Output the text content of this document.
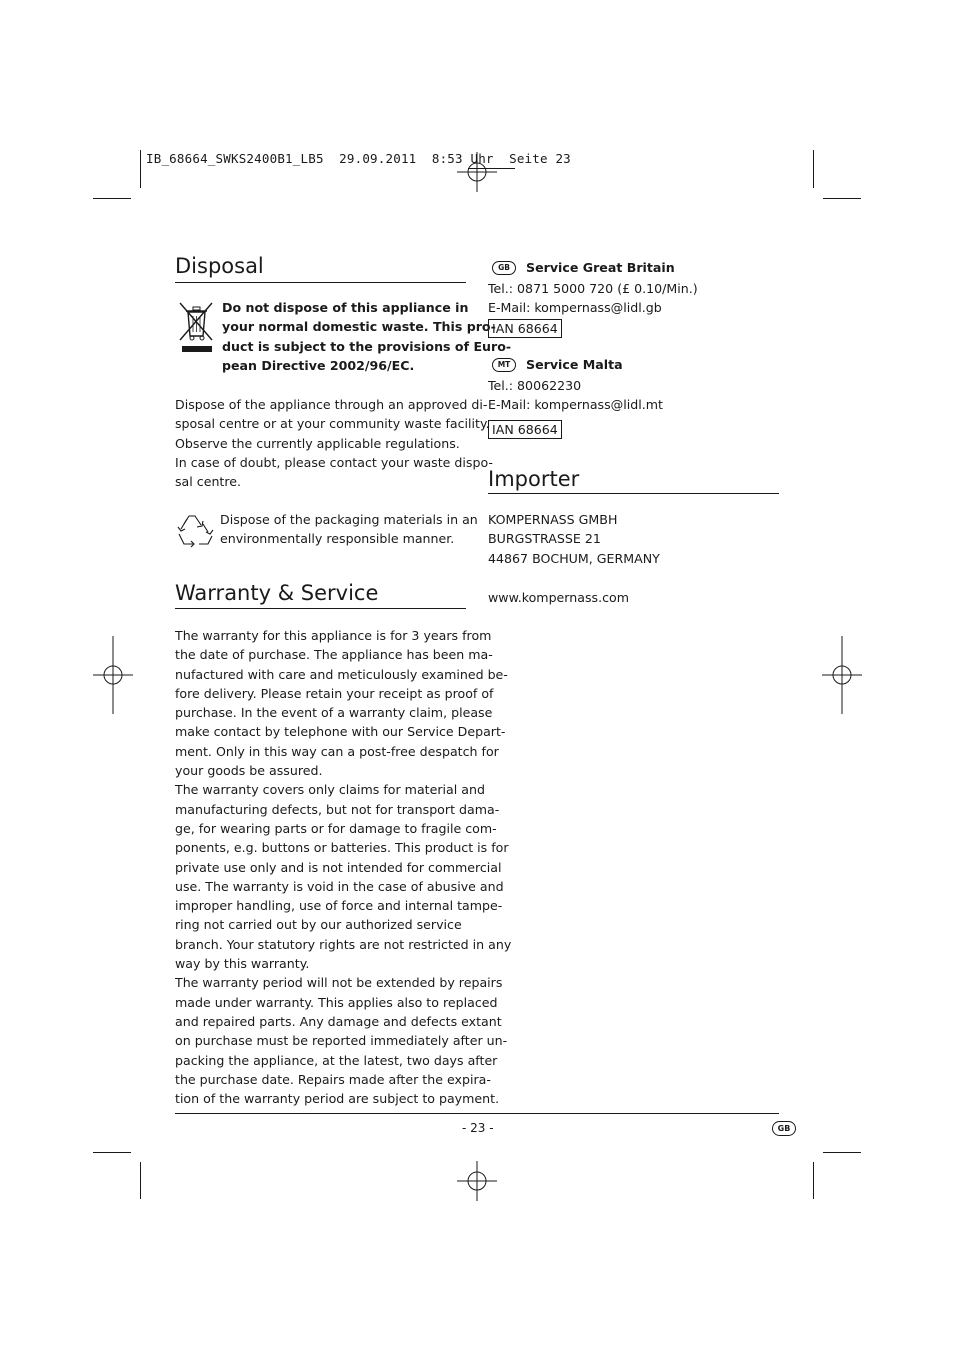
IB_68664_SWKS2400B1_LB5  29.09.2011  8:53 Uhr  Seite 23
Disposal

Do not dispose of this appliance in

your normal domestic waste. This pro-

duct is subject to the provisions of Euro-

pean Directive 2002/96/EC.

Dispose of the appliance through an approved di-

sposal centre or at your community waste facility.

Observe the currently applicable regulations.

In case of doubt, please contact your waste dispo-

sal centre.

Dispose of the packaging materials in an

environmentally responsible manner.

Warranty & Service

The warranty for this appliance is for 3 years from

the date of purchase. The appliance has been ma-

nufactured with care and meticulously examined be-

fore delivery. Please retain your receipt as proof of

purchase. In the event of a warranty claim, please

make contact by telephone with our Service Depart-

ment. Only in this way can a post-free despatch for

your goods be assured.

The warranty covers only claims for material and

manufacturing defects, but not for transport dama-

ge, for wearing parts or for damage to fragile com-

ponents, e.g. buttons or batteries. This product is for

private use only and is not intended for commercial

use. The warranty is void in the case of abusive and

improper handling, use of force and internal tampe-

ring not carried out by our authorized service

branch. Your statutory rights are not restricted in any

way by this warranty.

The warranty period will not be extended by repairs

made under warranty. This applies also to replaced

and repaired parts. Any damage and defects extant

on purchase must be reported immediately after un-

packing the appliance, at the latest, two days after

the purchase date. Repairs made after the expira-

tion of the warranty period are subject to payment.

GB	Service Great Britain

Tel.: 0871 5000 720 (£ 0.10/Min.)

E-Mail: kompernass@lidl.gb

IAN 68664
MT	Service Malta

Tel.: 80062230

E-Mail: kompernass@lidl.mt

IAN 68664
Importer

KOMPERNASS GMBH

BURGSTRASSE 21

44867 BOCHUM, GERMANY

www.kompernass.com
- 23 -	GB
